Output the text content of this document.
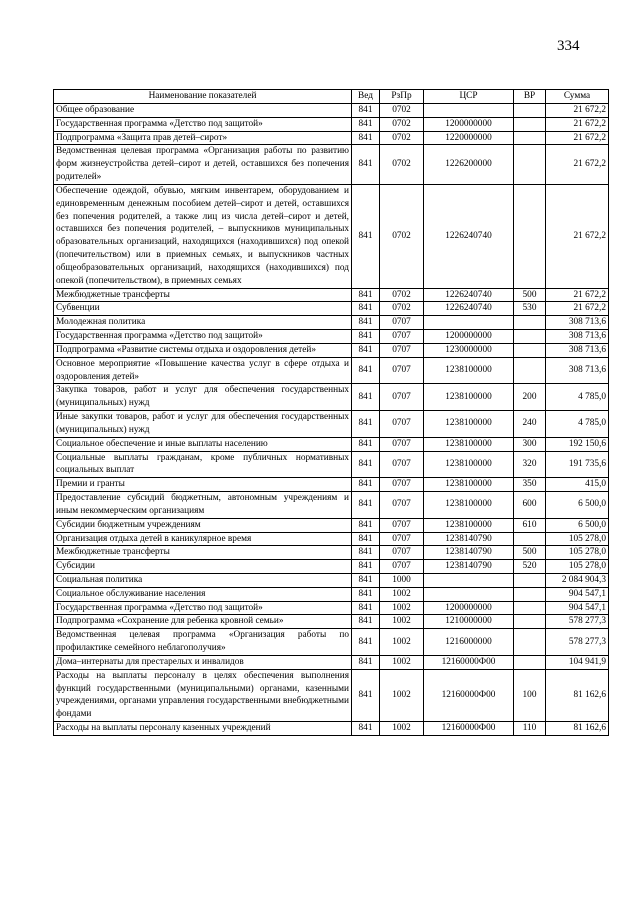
334
Наименование показателей	Вед	РзПр	ЦСР	ВР	Сумма
Общее образование	841	0702			21 672,2
Государственная программа «Детство под защитой»	841	0702	1200000000		21 672,2
Подпрограмма «Защита прав детей–сирот»	841	0702	1220000000		21 672,2
Ведомственная целевая программа «Организация работы по развитию форм жизнеустройства детей–сирот и детей, оставшихся без попечения родителей»	841	0702	1226200000		21 672,2
Обеспечение одеждой, обувью, мягким инвентарем, оборудованием и единовременным денежным пособием детей–сирот и детей, оставшихся без попечения родителей, а также лиц из числа детей–сирот и детей, оставшихся без попечения родителей, – выпускников муниципальных образовательных организаций, находящихся (находившихся) под опекой (попечительством) или в приемных семьях, и выпускников частных общеобразовательных организаций, находящихся (находившихся) под опекой (попечительством), в приемных семьях	841	0702	1226240740		21 672,2
Межбюджетные трансферты	841	0702	1226240740	500	21 672,2
Субвенции	841	0702	1226240740	530	21 672,2
Молодежная политика	841	0707			308 713,6
Государственная программа «Детство под защитой»	841	0707	1200000000		308 713,6
Подпрограмма «Развитие системы отдыха и оздоровления детей»	841	0707	1230000000		308 713,6
Основное мероприятие «Повышение качества услуг в сфере отдыха и оздоровления детей»	841	0707	1238100000		308 713,6
Закупка товаров, работ и услуг для обеспечения государственных (муниципальных) нужд	841	0707	1238100000	200	4 785,0
Иные закупки товаров, работ и услуг для обеспечения государственных (муниципальных) нужд	841	0707	1238100000	240	4 785,0
Социальное обеспечение и иные выплаты населению	841	0707	1238100000	300	192 150,6
Социальные выплаты гражданам, кроме публичных нормативных социальных выплат	841	0707	1238100000	320	191 735,6
Премии и гранты	841	0707	1238100000	350	415,0
Предоставление субсидий бюджетным, автономным учреждениям и иным некоммерческим организациям	841	0707	1238100000	600	6 500,0
Субсидии бюджетным учреждениям	841	0707	1238100000	610	6 500,0
Организация отдыха детей в каникулярное время	841	0707	1238140790		105 278,0
Межбюджетные трансферты	841	0707	1238140790	500	105 278,0
Субсидии	841	0707	1238140790	520	105 278,0
Социальная политика	841	1000			2 084 904,3
Социальное обслуживание населения	841	1002			904 547,1
Государственная программа «Детство под защитой»	841	1002	1200000000		904 547,1
Подпрограмма «Сохранение для ребенка кровной семьи»	841	1002	1210000000		578 277,3
Ведомственная целевая программа «Организация работы по профилактике семейного неблагополучия»	841	1002	1216000000		578 277,3
Дома–интернаты для престарелых и инвалидов	841	1002	12160000Ф00		104 941,9
Расходы на выплаты персоналу в целях обеспечения выполнения функций государственными (муниципальными) органами, казенными учреждениями, органами управления государственными внебюджетными фондами	841	1002	12160000Ф00	100	81 162,6
Расходы на выплаты персоналу казенных учреждений	841	1002	12160000Ф00	110	81 162,6
